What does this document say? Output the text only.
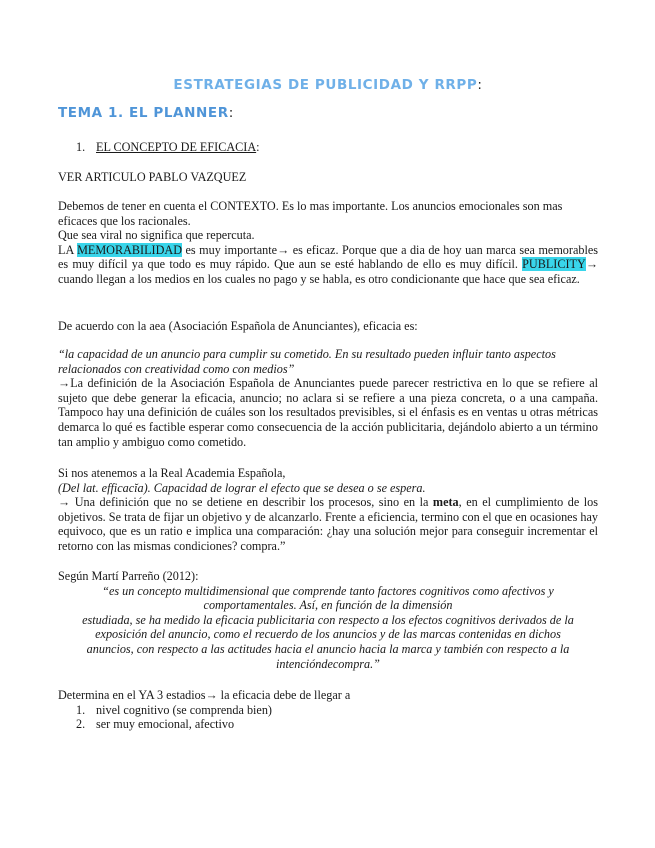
ESTRATEGIAS DE PUBLICIDAD Y RRPP:
TEMA 1. EL PLANNER:
1. EL CONCEPTO DE EFICACIA:

VER ARTICULO PABLO VAZQUEZ

Debemos de tener en cuenta el CONTEXTO. Es lo mas importante. Los anuncios emocionales son mas eficaces que los racionales.

Que sea viral no significa que repercuta.

LA MEMORABILIDAD es muy importante→ es eficaz. Porque que a dia de hoy uan marca sea memorables es muy difícil ya que todo es muy rápido. Que aun se esté hablando de ello es muy difícil. PUBLICITY→ cuando llegan a los medios en los cuales no pago y se habla, es otro condicionante que hace que sea eficaz.

De acuerdo con la aea (Asociación Española de Anunciantes), eficacia es:

“la capacidad de un anuncio para cumplir su cometido. En su resultado pueden influir tanto aspectos relacionados con creatividad como con medios”

→La definición de la Asociación Española de Anunciantes puede parecer restrictiva en lo que se refiere al sujeto que debe generar la eficacia, anuncio; no aclara si se refiere a una pieza concreta, o a una campaña. Tampoco hay una definición de cuáles son los resultados previsibles, si el énfasis es en ventas u otras métricas demarca lo qué es factible esperar como consecuencia de la acción publicitaria, dejándolo abierto a un término tan amplio y ambiguo como cometido.

Si nos atenemos a la Real Academia Española,

(Del lat. efficacĭa). Capacidad de lograr el efecto que se desea o se espera.

→ Una definición que no se detiene en describir los procesos, sino en la meta, en el cumplimiento de los objetivos. Se trata de fijar un objetivo y de alcanzarlo. Frente a eficiencia, termino con el que en ocasiones hay equivoco, que es un ratio e implica una comparación: ¿hay una solución mejor para conseguir incrementar el retorno con las mismas condiciones? compra.”

Según Martí Parreño (2012):

“es un concepto multidimensional que comprende tanto factores cognitivos como afectivos y

comportamentales. Así, en función de la dimensión

estudiada, se ha medido la eficacia publicitaria con respecto a los efectos cognitivos derivados de la

exposición del anuncio, como el recuerdo de los anuncios y de las marcas contenidas en dichos

anuncios, con respecto a las actitudes hacia el anuncio hacia la marca y también con respecto a la

intencióndecompra.”

Determina en el YA 3 estadios→ la eficacia debe de llegar a

1. nivel cognitivo (se comprenda bien)
2. ser muy emocional, afectivo
